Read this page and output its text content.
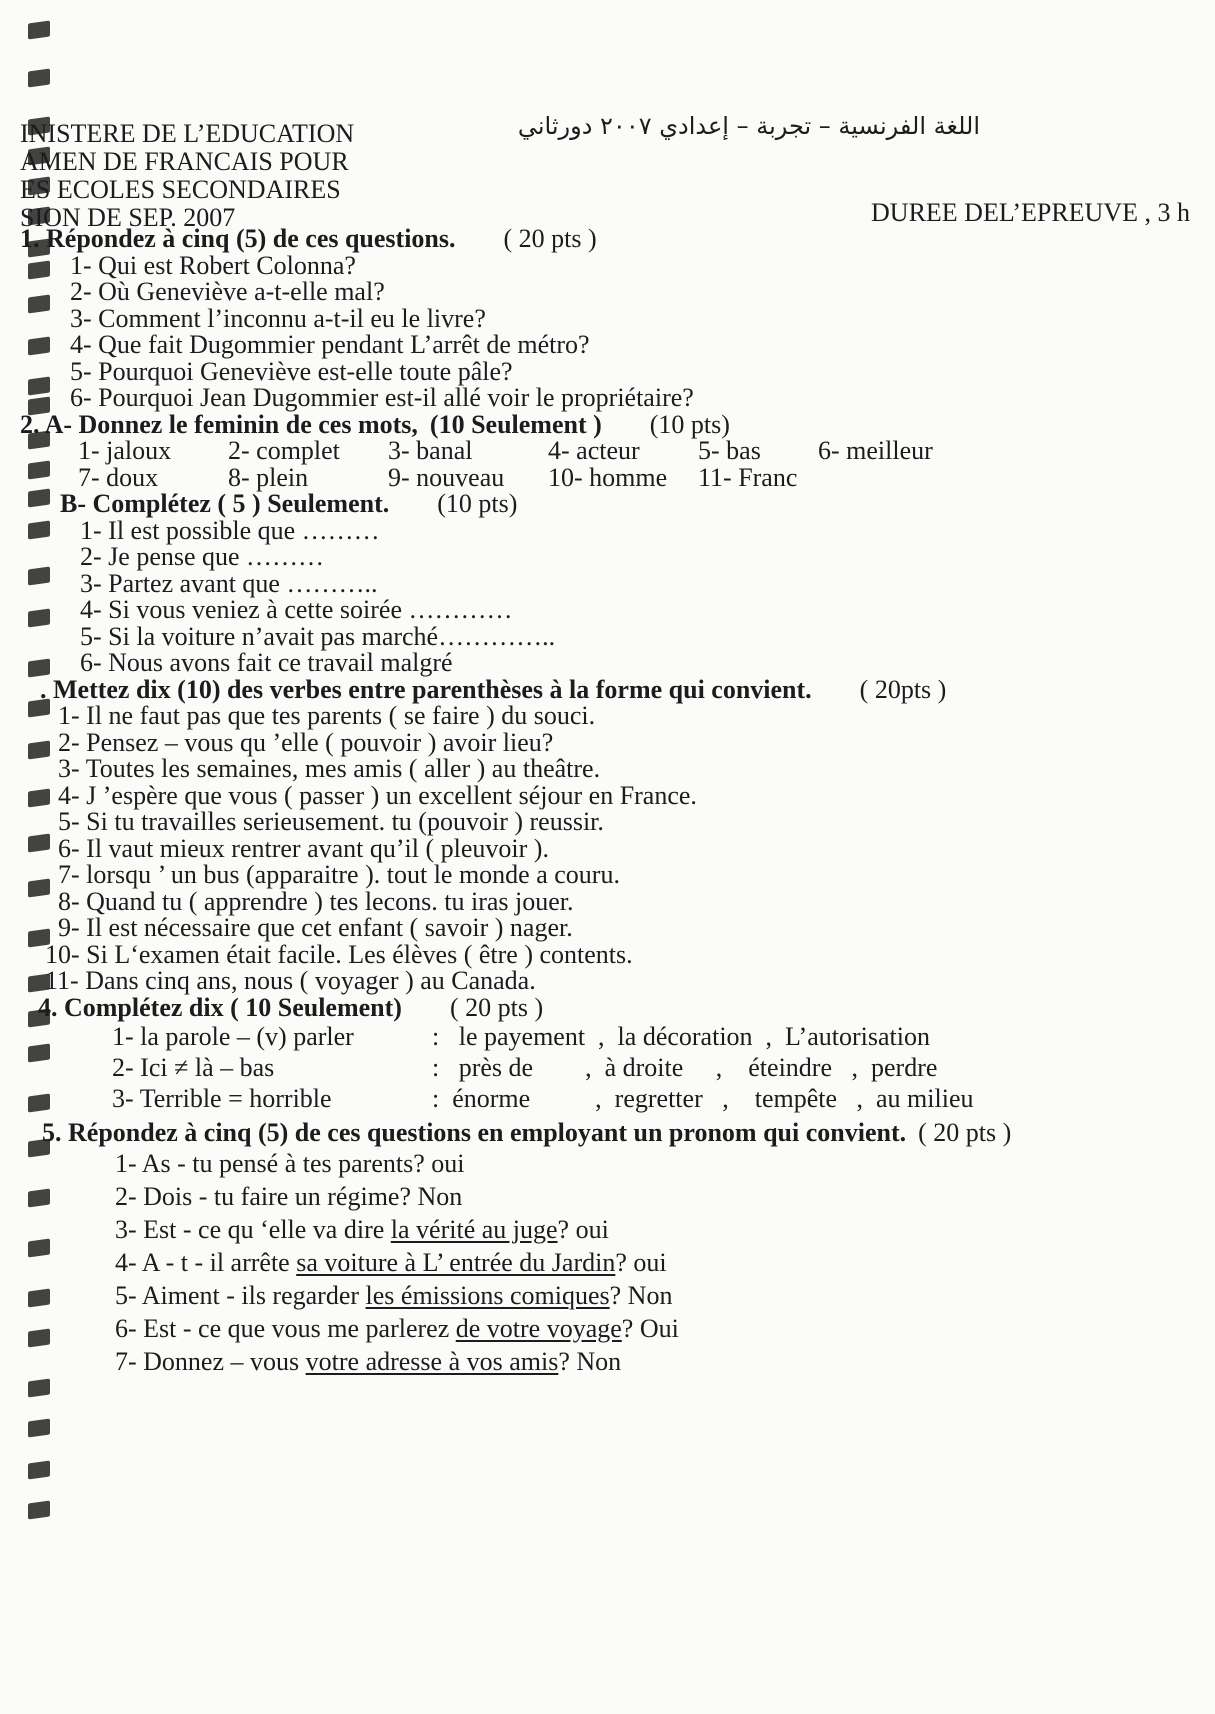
INISTERE DE L’EDUCATION
AMEN DE FRANCAIS POUR
ES ECOLES SECONDAIRES
SION DE SEP. 2007
اللغة الفرنسية – تجربة – إعدادي ٢٠٠٧ دورثاني
DUREE DEL’EPREUVE , 3 h
1. Répondez à cinq (5) de ces questions. ( 20 pts )
1- Qui est Robert Colonna?
2- Où Geneviève a-t-elle mal?
3- Comment l’inconnu a-t-il eu le livre?
4- Que fait Dugommier pendant L’arrêt de métro?
5- Pourquoi Geneviève est-elle toute pâle?
6- Pourquoi Jean Dugommier est-il allé voir le propriétaire?
2. A- Donnez le feminin de ces mots, (10 Seulement ) (10 pts)
1- jaloux	2- complet	3- banal	4- acteur	5- bas	6- meilleur
7- doux	8- plein	9- nouveau	10- homme	11- Franc
B- Complétez ( 5 ) Seulement. (10 pts)
1- Il est possible que ………
2- Je pense que ………
3- Partez avant que ………..
4- Si vous veniez à cette soirée …………
5- Si la voiture n’avait pas marché…………..
6- Nous avons fait ce travail malgré
. Mettez dix (10) des verbes entre parenthèses à la forme qui convient. ( 20pts )
1- Il ne faut pas que tes parents ( se faire ) du souci.
2- Pensez – vous qu ’elle ( pouvoir ) avoir lieu?
3- Toutes les semaines, mes amis ( aller ) au theâtre.
4- J ’espère que vous ( passer ) un excellent séjour en France.
5- Si tu travailles serieusement. tu (pouvoir ) reussir.
6- Il vaut mieux rentrer avant qu’il ( pleuvoir ).
7- lorsqu ’ un bus (apparaitre ). tout le monde a couru.
8- Quand tu ( apprendre ) tes lecons. tu iras jouer.
9- Il est nécessaire que cet enfant ( savoir ) nager.
10- Si L‘examen était facile. Les élèves ( être ) contents.
11- Dans cinq ans, nous ( voyager ) au Canada.
4. Complétez dix ( 10 Seulement) ( 20 pts )
1- la parole – (v) parler	:   le payement  ,  la décoration  ,  L’autorisation
2- Ici ≠ là – bas	:   près de        ,  à droite     ,    éteindre   ,  perdre
3- Terrible = horrible	:  énorme          ,  regretter   ,    tempête   ,  au milieu
5. Répondez à cinq (5) de ces questions en employant un pronom qui convient. ( 20 pts )
1- As - tu pensé à tes parents? oui
2- Dois - tu faire un régime? Non
3- Est - ce qu ‘elle va dire la vérité au juge ? oui
4- A - t - il arrête sa voiture à L’ entrée du Jardin ? oui
5- Aiment - ils regarder les émissions comiques ? Non
6- Est - ce que vous me parlerez de votre voyage ? Oui
7- Donnez – vous votre adresse à vos amis ? Non
